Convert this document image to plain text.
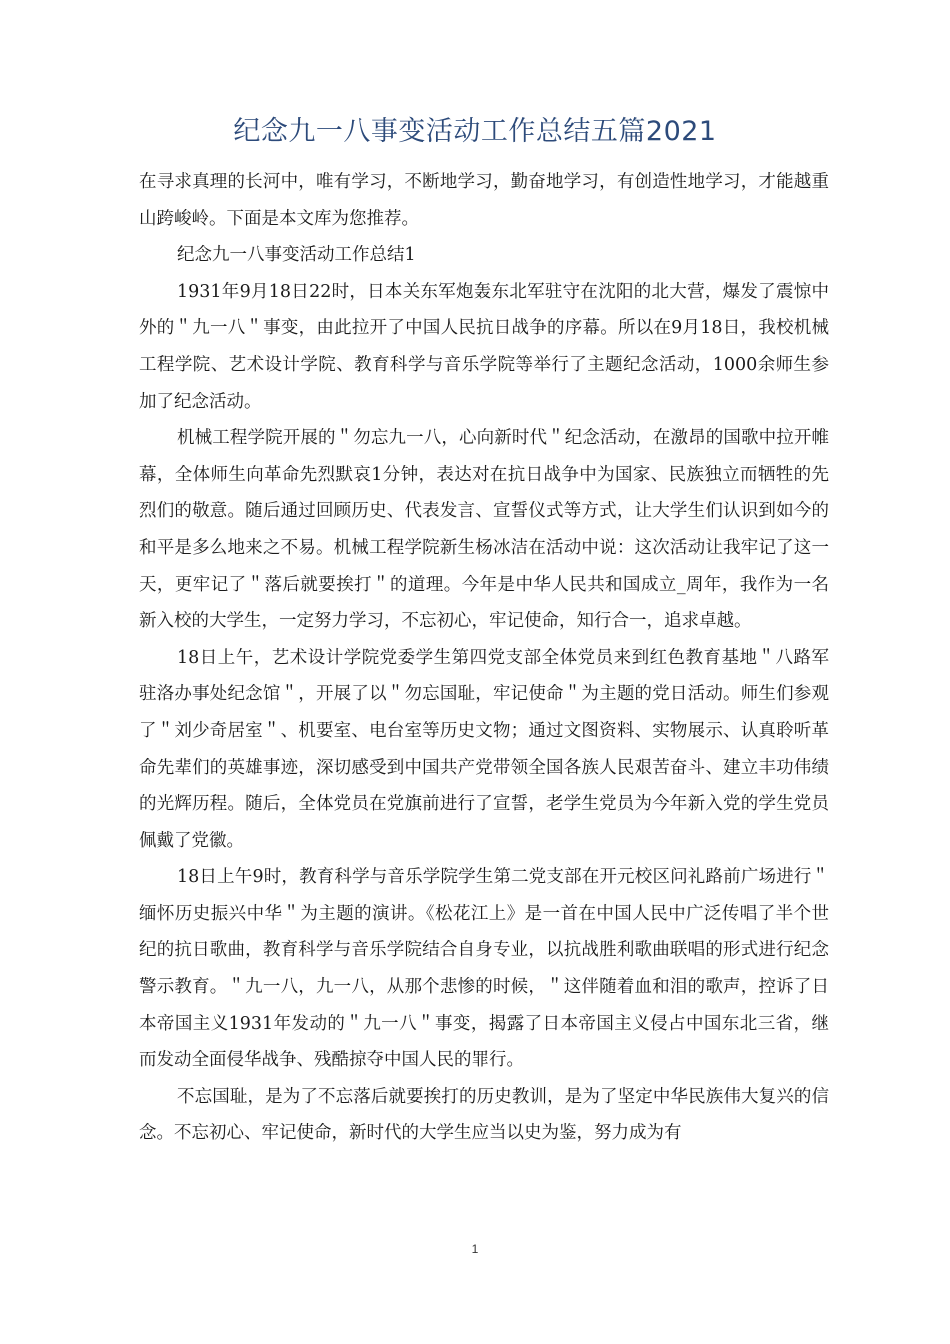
纪念九一八事变活动工作总结五篇2021

在寻求真理的长河中，唯有学习，不断地学习，勤奋地学习，有创造性地学习，才能越重山跨峻岭。下面是本文库为您推荐。

纪念九一八事变活动工作总结1

1931年9月18日22时，日本关东军炮轰东北军驻守在沈阳的北大营，爆发了震惊中外的＂九一八＂事变，由此拉开了中国人民抗日战争的序幕。所以在9月18日，我校机械工程学院、艺术设计学院、教育科学与音乐学院等举行了主题纪念活动，1000余师生参加了纪念活动。

机械工程学院开展的＂勿忘九一八，心向新时代＂纪念活动，在激昂的国歌中拉开帷幕，全体师生向革命先烈默哀1分钟，表达对在抗日战争中为国家、民族独立而牺牲的先烈们的敬意。随后通过回顾历史、代表发言、宣誓仪式等方式，让大学生们认识到如今的和平是多么地来之不易。机械工程学院新生杨冰洁在活动中说：这次活动让我牢记了这一天，更牢记了＂落后就要挨打＂的道理。今年是中华人民共和国成立_周年，我作为一名新入校的大学生，一定努力学习，不忘初心，牢记使命，知行合一，追求卓越。

18日上午，艺术设计学院党委学生第四党支部全体党员来到红色教育基地＂八路军驻洛办事处纪念馆＂，开展了以＂勿忘国耻，牢记使命＂为主题的党日活动。师生们参观了＂刘少奇居室＂、机要室、电台室等历史文物；通过文图资料、实物展示、认真聆听革命先辈们的英雄事迹，深切感受到中国共产党带领全国各族人民艰苦奋斗、建立丰功伟绩的光辉历程。随后，全体党员在党旗前进行了宣誓，老学生党员为今年新入党的学生党员佩戴了党徽。

18日上午9时，教育科学与音乐学院学生第二党支部在开元校区问礼路前广场进行＂缅怀历史振兴中华＂为主题的演讲。《松花江上》是一首在中国人民中广泛传唱了半个世纪的抗日歌曲，教育科学与音乐学院结合自身专业，以抗战胜利歌曲联唱的形式进行纪念警示教育。＂九一八，九一八，从那个悲惨的时候，＂这伴随着血和泪的歌声，控诉了日本帝国主义1931年发动的＂九一八＂事变，揭露了日本帝国主义侵占中国东北三省，继而发动全面侵华战争、残酷掠夺中国人民的罪行。

不忘国耻，是为了不忘落后就要挨打的历史教训，是为了坚定中华民族伟大复兴的信念。不忘初心、牢记使命，新时代的大学生应当以史为鉴，努力成为有

1
